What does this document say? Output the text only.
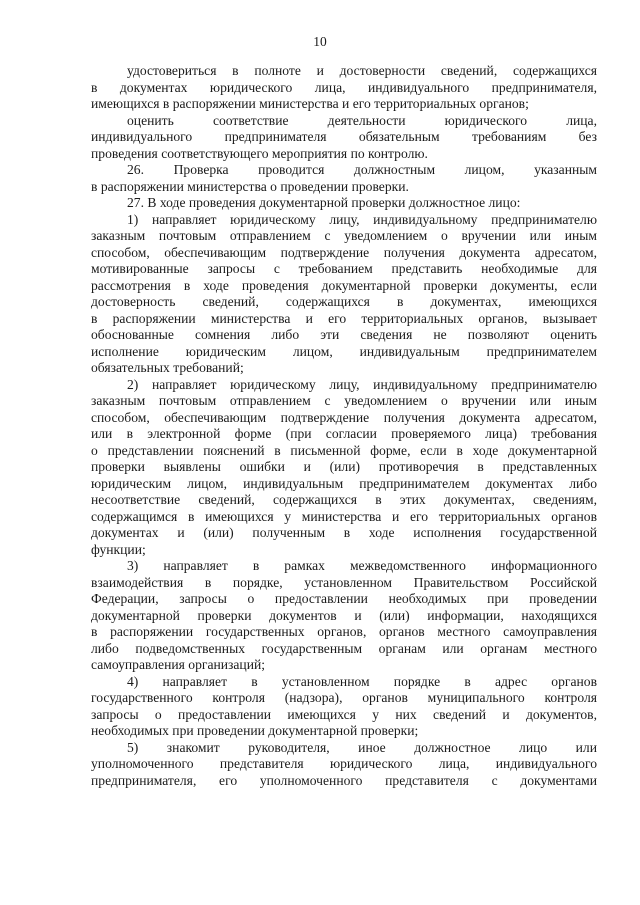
10
удостовериться в полноте и достоверности сведений, содержащихся
в документах юридического лица, индивидуального предпринимателя,
имеющихся в распоряжении министерства и его территориальных органов;
оценить соответствие деятельности юридического лица,
индивидуального предпринимателя обязательным требованиям без
проведения соответствующего мероприятия по контролю.
26. Проверка проводится должностным лицом, указанным
в распоряжении министерства о проведении проверки.
27. В ходе проведения документарной проверки должностное лицо:
1) направляет юридическому лицу, индивидуальному предпринимателю
заказным почтовым отправлением с уведомлением о вручении или иным
способом, обеспечивающим подтверждение получения документа адресатом,
мотивированные запросы с требованием представить необходимые для
рассмотрения в ходе проведения документарной проверки документы, если
достоверность сведений, содержащихся в документах, имеющихся
в распоряжении министерства и его территориальных органов, вызывает
обоснованные сомнения либо эти сведения не позволяют оценить
исполнение юридическим лицом, индивидуальным предпринимателем
обязательных требований;
2) направляет юридическому лицу, индивидуальному предпринимателю
заказным почтовым отправлением с уведомлением о вручении или иным
способом, обеспечивающим подтверждение получения документа адресатом,
или в электронной форме (при согласии проверяемого лица) требования
о представлении пояснений в письменной форме, если в ходе документарной
проверки выявлены ошибки и (или) противоречия в представленных
юридическим лицом, индивидуальным предпринимателем документах либо
несоответствие сведений, содержащихся в этих документах, сведениям,
содержащимся в имеющихся у министерства и его территориальных органов
документах и (или) полученным в ходе исполнения государственной
функции;
3) направляет в рамках межведомственного информационного
взаимодействия в порядке, установленном Правительством Российской
Федерации, запросы о предоставлении необходимых при проведении
документарной проверки документов и (или) информации, находящихся
в распоряжении государственных органов, органов местного самоуправления
либо подведомственных государственным органам или органам местного
самоуправления организаций;
4) направляет в установленном порядке в адрес органов
государственного контроля (надзора), органов муниципального контроля
запросы о предоставлении имеющихся у них сведений и документов,
необходимых при проведении документарной проверки;
5) знакомит руководителя, иное должностное лицо или
уполномоченного представителя юридического лица, индивидуального
предпринимателя, его уполномоченного представителя с документами
